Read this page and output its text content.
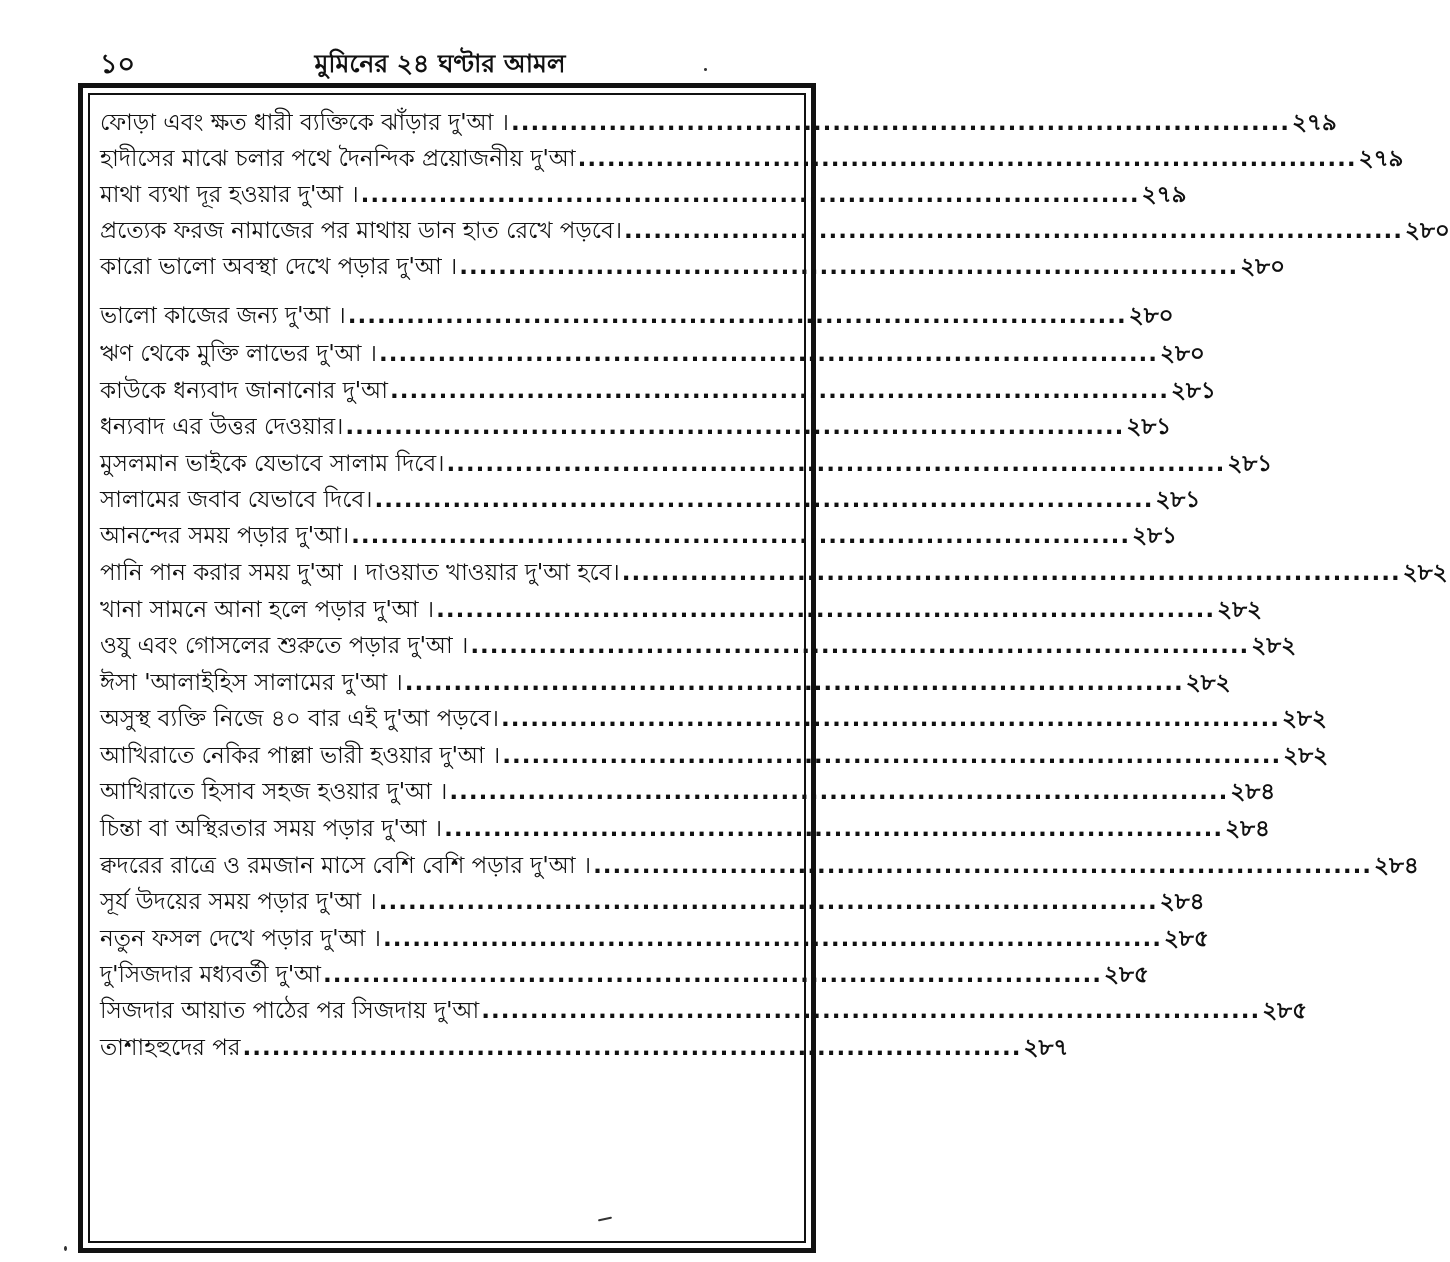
১০	মুমিনের ২৪ ঘণ্টার আমল
ফোড়া এবং ক্ষত ধারী ব্যক্তিকে ঝাঁড়ার দু'আ । ................................................................................ ২৭৯
হাদীসের মাঝে চলার পথে দৈনন্দিক প্রয়োজনীয় দু'আ ................................................................................ ২৭৯
মাথা ব্যথা দূর হওয়ার দু'আ । ................................................................................ ২৭৯
প্রত্যেক ফরজ নামাজের পর মাথায় ডান হাত রেখে পড়বে। ................................................................................ ২৮০
কারো ভালো অবস্থা দেখে পড়ার দু'আ । ................................................................................ ২৮০
ভালো কাজের জন্য দু'আ । ................................................................................ ২৮০
ঋণ থেকে মুক্তি লাভের দু'আ । ................................................................................ ২৮০
কাউকে ধন্যবাদ জানানোর দু'আ ................................................................................ ২৮১
ধন্যবাদ এর উত্তর দেওয়ার। ................................................................................ ২৮১
মুসলমান ভাইকে যেভাবে সালাম দিবে। ................................................................................ ২৮১
সালামের জবাব যেভাবে দিবে। ................................................................................ ২৮১
আনন্দের সময় পড়ার দু'আ। ................................................................................ ২৮১
পানি পান করার সময় দু'আ । দাওয়াত খাওয়ার দু'আ হবে। ................................................................................ ২৮২
খানা সামনে আনা হলে পড়ার দু'আ । ................................................................................ ২৮২
ওযু এবং গোসলের শুরুতে পড়ার দু'আ । ................................................................................ ২৮২
ঈসা 'আলাইহিস সালামের দু'আ । ................................................................................ ২৮২
অসুস্থ ব্যক্তি নিজে ৪০ বার এই দু'আ পড়বে। ................................................................................ ২৮২
আখিরাতে নেকির পাল্লা ভারী হওয়ার দু'আ । ................................................................................ ২৮২
আখিরাতে হিসাব সহজ হওয়ার দু'আ । ................................................................................ ২৮৪
চিন্তা বা অস্থিরতার সময় পড়ার দু'আ । ................................................................................ ২৮৪
ক্বদরের রাত্রে ও রমজান মাসে বেশি বেশি পড়ার দু'আ । ................................................................................ ২৮৪
সূর্য উদয়ের সময় পড়ার দু'আ । ................................................................................ ২৮৪
নতুন ফসল দেখে পড়ার দু'আ । ................................................................................ ২৮৫
দু'সিজদার মধ্যবর্তী দু'আ ................................................................................ ২৮৫
সিজদার আয়াত পাঠের পর সিজদায় দু'আ ................................................................................ ২৮৫
তাশাহহুদের পর ................................................................................ ২৮৭
